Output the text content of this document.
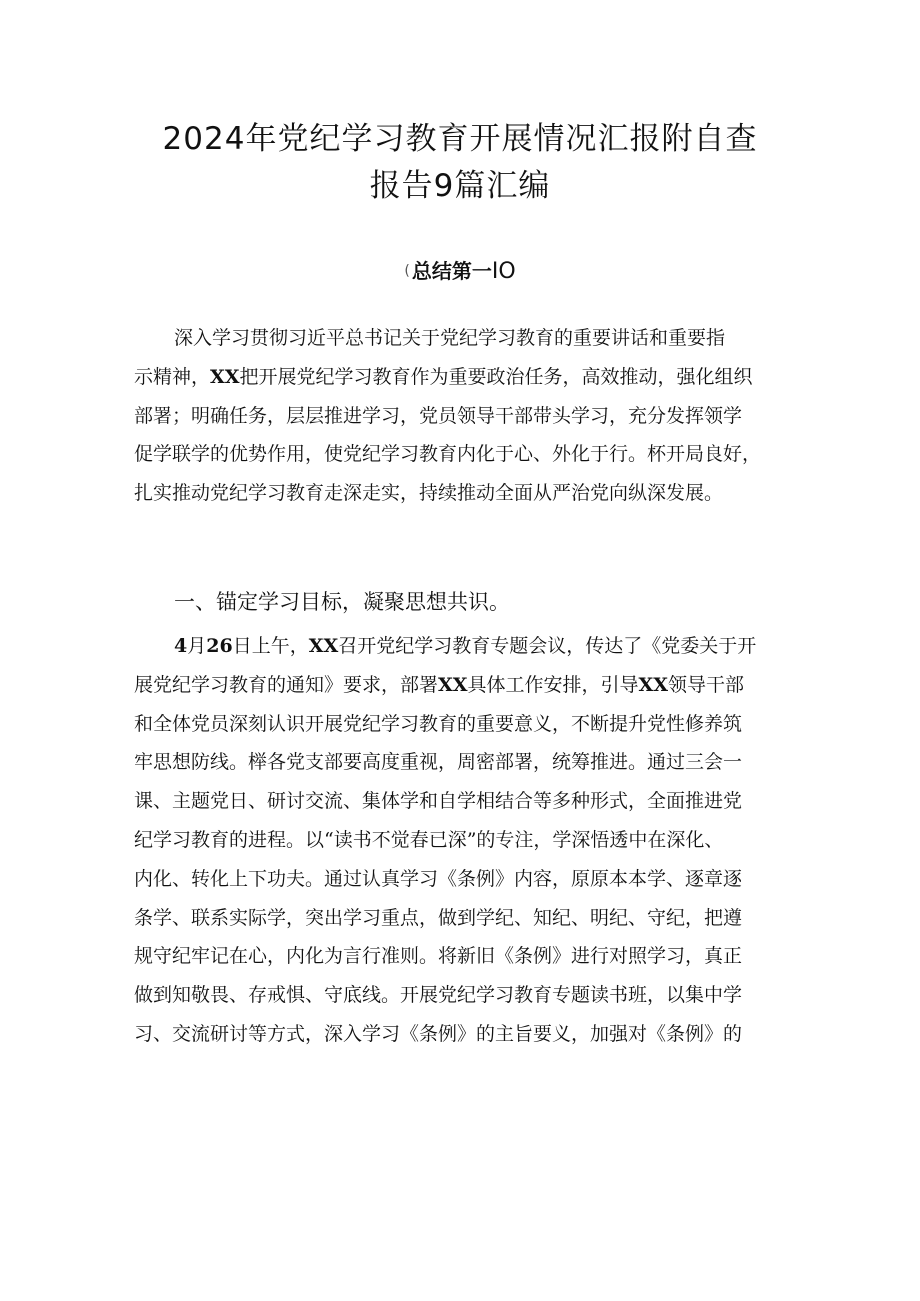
2024年党纪学习教育开展情况汇报附自查
报告9篇汇编
( 总结第一IO
深入学习贯彻习近平总书记关于党纪学习教育的重要讲话和重要指
示精神，XX把开展党纪学习教育作为重要政治任务，高效推动，强化组织
部署；明确任务，层层推进学习，党员领导干部带头学习，充分发挥领学
促学联学的优势作用，使党纪学习教育内化于心、外化于行。杯开局良好，
扎实推动党纪学习教育走深走实，持续推动全面从严治党向纵深发展。
一、锚定学习目标，凝聚思想共识。
4月26日上午，XX召开党纪学习教育专题会议，传达了《党委关于开
展党纪学习教育的通知》要求，部署XX具体工作安排，引导XX领导干部
和全体党员深刻认识开展党纪学习教育的重要意义，不断提升党性修养筑
牢思想防线。榉各党支部要高度重视，周密部署，统筹推进。通过三会一
课、主题党日、研讨交流、集体学和自学相结合等多种形式，全面推进党
纪学习教育的进程。以“读书不觉春已深”的专注，学深悟透中在深化、
内化、转化上下功夫。通过认真学习《条例》内容，原原本本学、逐章逐
条学、联系实际学，突出学习重点，做到学纪、知纪、明纪、守纪，把遵
规守纪牢记在心，内化为言行准则。将新旧《条例》进行对照学习，真正
做到知敬畏、存戒惧、守底线。开展党纪学习教育专题读书班，以集中学
习、交流研讨等方式，深入学习《条例》的主旨要义，加强对《条例》的
